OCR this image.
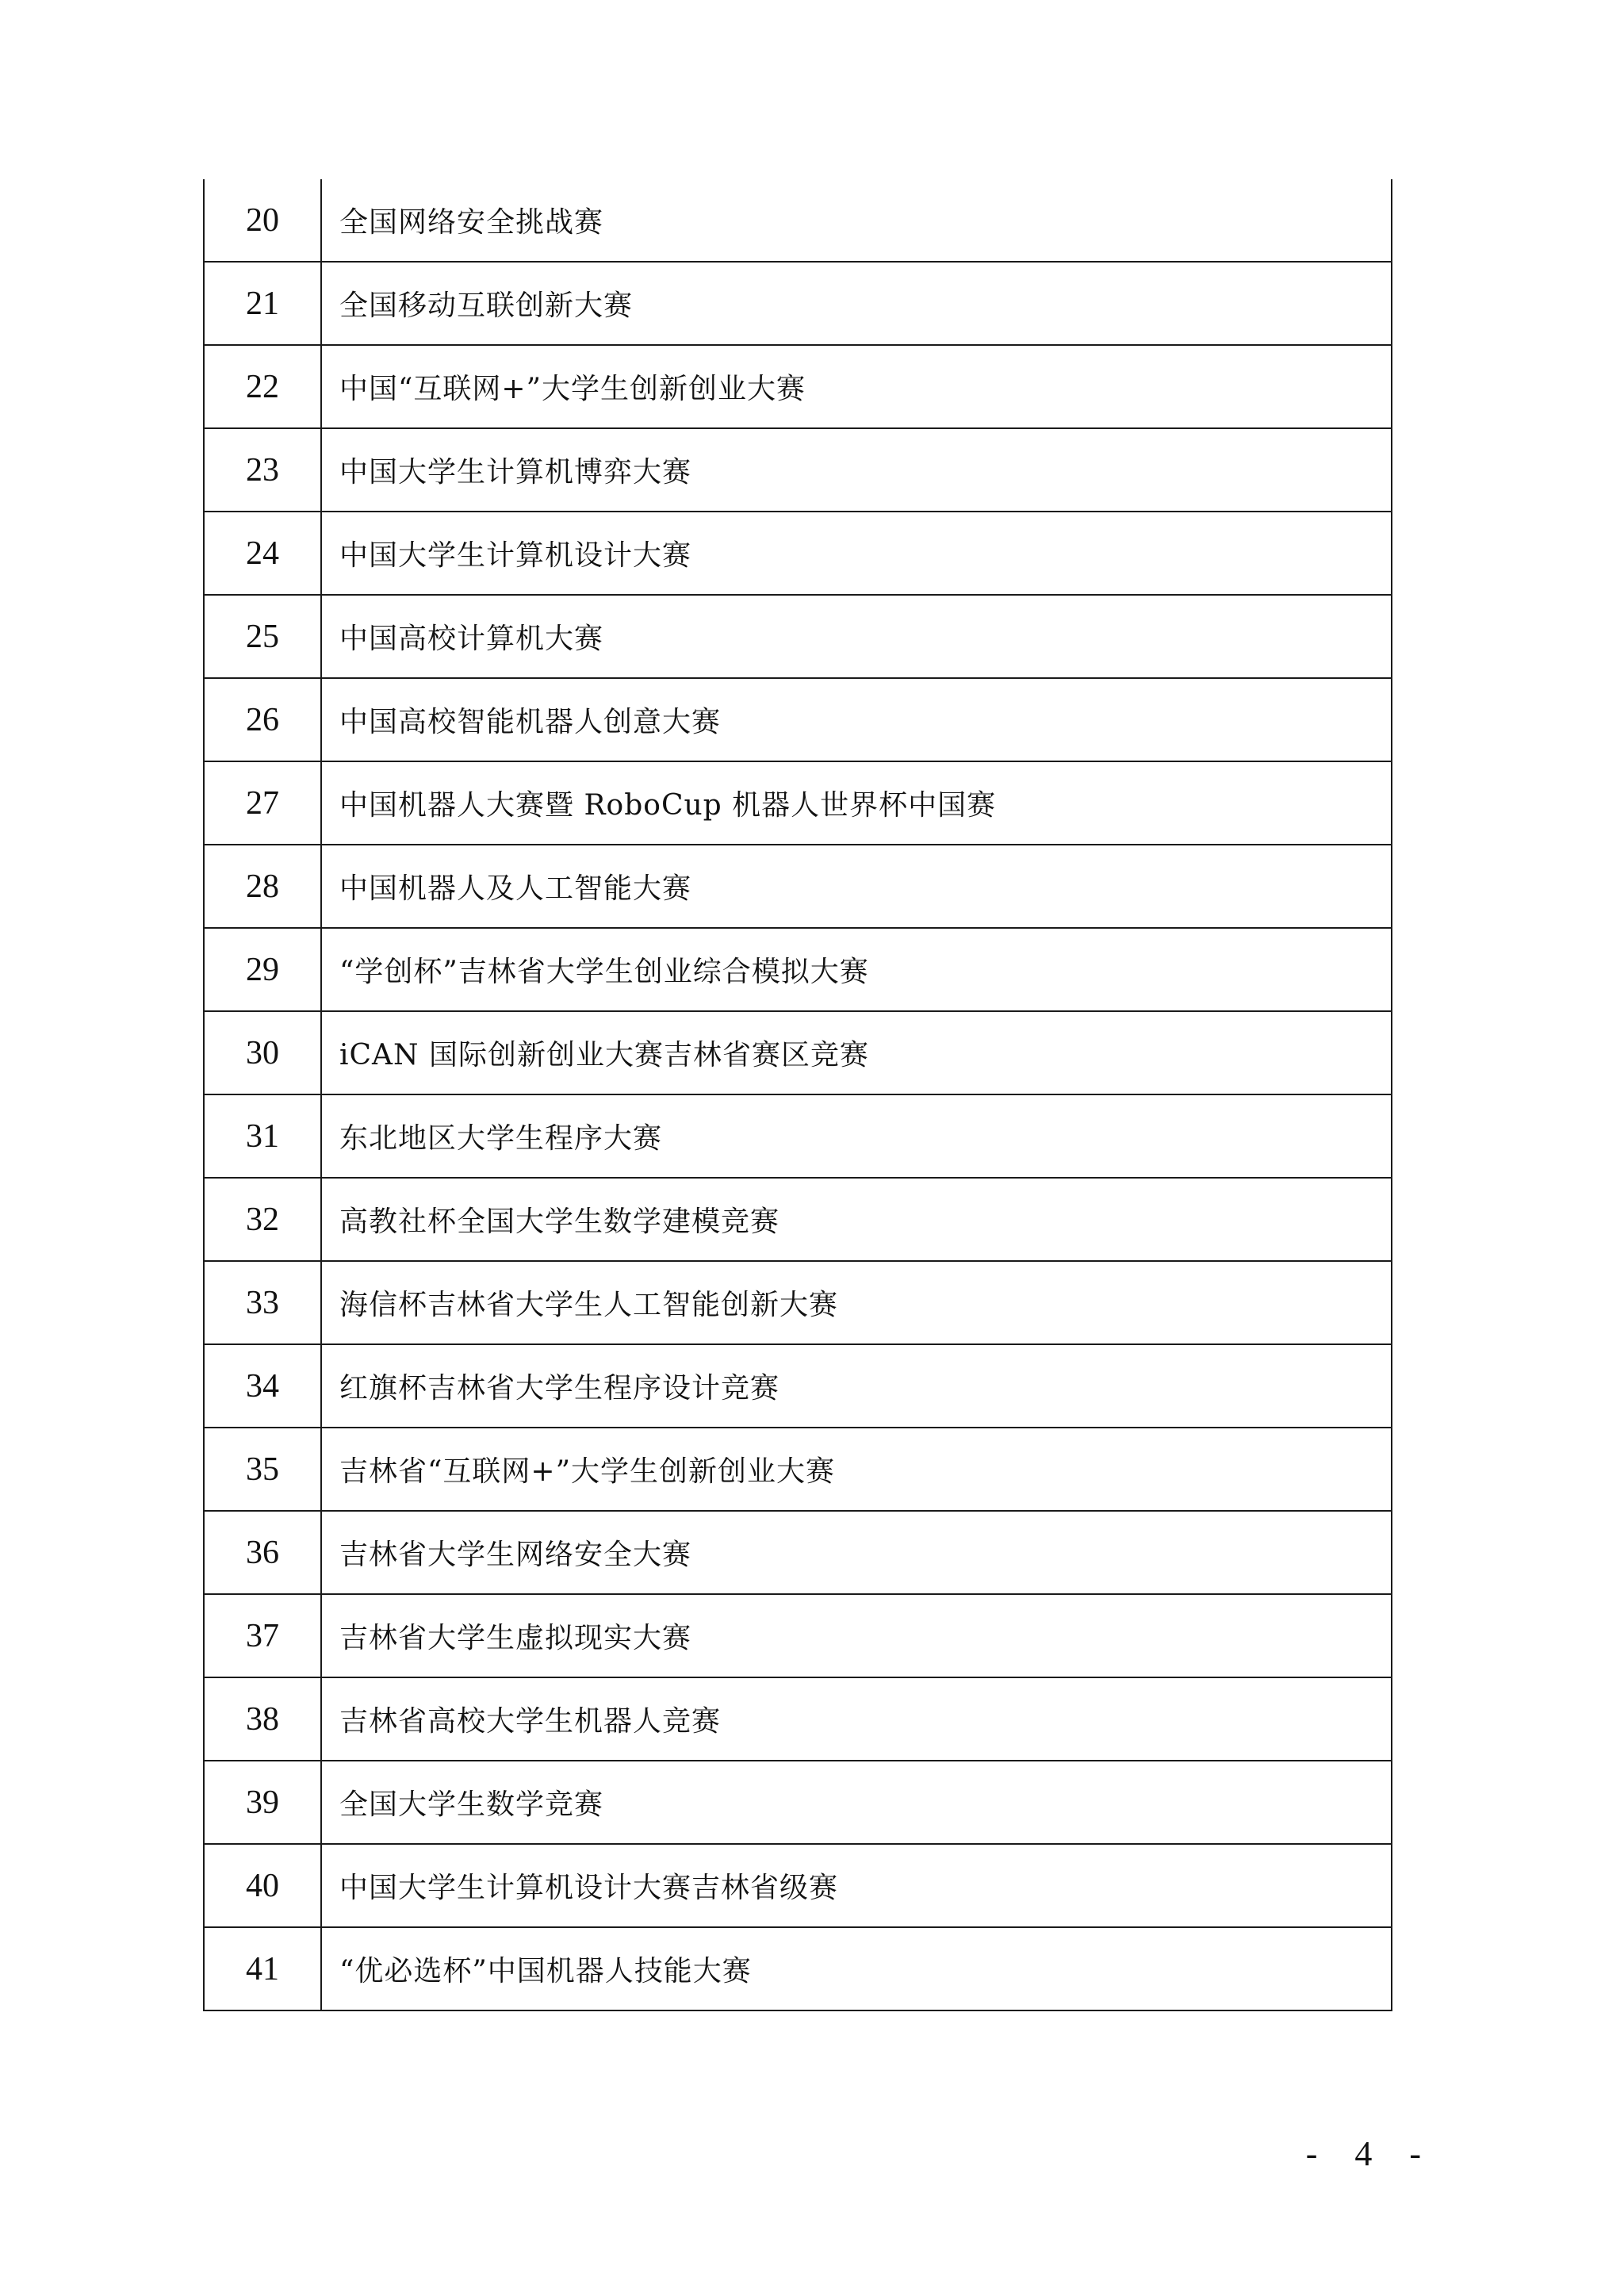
20	全国网络安全挑战赛
21	全国移动互联创新大赛
22	中国“互联网+”大学生创新创业大赛
23	中国大学生计算机博弈大赛
24	中国大学生计算机设计大赛
25	中国高校计算机大赛
26	中国高校智能机器人创意大赛
27	中国机器人大赛暨 RoboCup 机器人世界杯中国赛
28	中国机器人及人工智能大赛
29	“学创杯”吉林省大学生创业综合模拟大赛
30	iCAN 国际创新创业大赛吉林省赛区竞赛
31	东北地区大学生程序大赛
32	高教社杯全国大学生数学建模竞赛
33	海信杯吉林省大学生人工智能创新大赛
34	红旗杯吉林省大学生程序设计竞赛
35	吉林省“互联网+”大学生创新创业大赛
36	吉林省大学生网络安全大赛
37	吉林省大学生虚拟现实大赛
38	吉林省高校大学生机器人竞赛
39	全国大学生数学竞赛
40	中国大学生计算机设计大赛吉林省级赛
41	“优必选杯”中国机器人技能大赛
- 4 -
